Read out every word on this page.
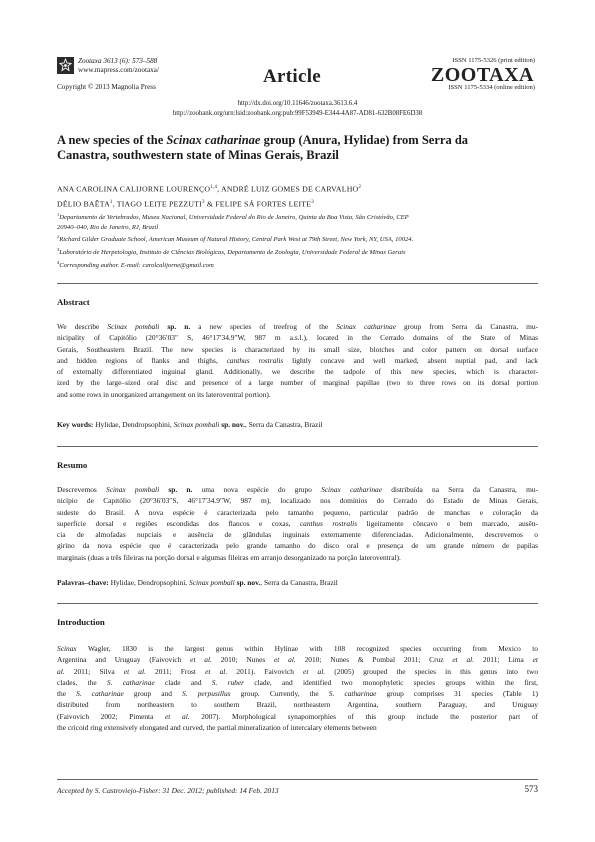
Zootaxa 3613 (6): 573–588
www.mapress.com/zootaxa/
Copyright © 2013 Magnolia Press	Article
ISSN 1175-5326 (print edition)
ZOOTAXA
ISSN 1175-5334 (online edition)
http://dx.doi.org/10.11646/zootaxa.3613.6.4
http://zoobank.org/urn:lsid:zoobank.org:pub:99F53949-E344-4A87-AD81-632B08FE6D38
A new species of the Scinax catharinae group (Anura, Hylidae) from Serra da
Canastra, southwestern state of Minas Gerais, Brazil
ANA CAROLINA CALIJORNE LOURENÇO$^{1,4}$, ANDRÉ LUIZ GOMES DE CARVALHO$^2$
DÉLIO BAÊTA$^1$, TIAGO LEITE PEZZUTI$^3$ & FELIPE SÁ FORTES LEITE$^3$
$^1$Departamento de Vertebrados, Museu Nacional, Universidade Federal do Rio de Janeiro, Quinta da Boa Vista, São Cristóvão, CEP
20940–040, Rio de Janeiro, RJ, Brazil
$^2$Richard Gilder Graduate School, American Museum of Natural History, Central Park West at 79th Street, New York, NY, USA, 10024.
$^3$Laboratório de Herpetologia, Instituto de Ciências Biológicas, Departamento de Zoologia, Universidade Federal de Minas Gerais
$^4$Corresponding author. E-mail: carolcalijorne@gmail.com
Abstract
We describe Scinax pombali sp. n. a new species of treefrog of the Scinax catharinae group from Serra da Canastra, mu-
nicipality of Capitólio (20°36′03″ S, 46°17′34.9″W, 987 m a.s.l.), located in the Cerrado domains of the State of Minas
Gerais, Southeastern Brazil. The new species is characterized by its small size, blotches and color pattern on dorsal surface
and hidden regions of flanks and thighs, canthus rostralis lightly concave and well marked, absent nuptial pad, and lack
of externally differentiated inguinal gland. Additionally, we describe the tadpole of this new species, which is character-
ized by the large–sized oral disc and presence of a large number of marginal papillae (two to three rows on its dorsal portion
and some rows in unorganized arrangement on its lateroventral portion).
Key words: Hylidae, Dendropsophini, Scinax pombali sp. nov., Serra da Canastra, Brazil
Resumo
Descrevemos Scinax pombali sp. n. uma nova espécie do grupo Scinax catharinae distribuída na Serra da Canastra, mu-
nicípio de Capitólio (20°36′03″S, 46°17′34.9″W, 987 m), localizado nos domínios do Cerrado do Estado de Minas Gerais,
sudeste do Brasil. A nova espécie é caracterizada pelo tamanho pequeno, particular padrão de manchas e coloração da
superfície dorsal e regiões escondidas dos flancos e coxas, canthus rostralis ligeiramente côncavo e bem marcado, ausên-
cia de almofadas nupciais e ausência de glândulas inguinais externamente diferenciadas. Adicionalmente, descrevemos o
girino da nova espécie que é caracterizada pelo grande tamanho do disco oral e presença de um grande número de papilas
marginais (duas a três fileiras na porção dorsal e algumas fileiras em arranjo desorganizado na porção lateroventral).
Palavras–chave: Hylidae, Dendropsophini, Scinax pombali sp. nov., Serra da Canastra, Brazil
Introduction
Scinax Wagler, 1830 is the largest genus within Hylinae with 108 recognized species occurring from Mexico to
Argentina and Uruguay (Faivovich et al. 2010; Nunes et al. 2010; Nunes & Pombal 2011; Cruz et al. 2011; Lima et
al. 2011; Silva et al. 2011; Frost et al. 2011). Faivovich et al. (2005) grouped the species in this genus into two
clades, the S. catharinae clade and S. ruber clade, and identified two monophyletic species groups within the first,
the S. catharinae group and S. perpusillus group. Currently, the S. catharinae group comprises 31 species (Table 1)
distributed from northeastern to southern Brazil, northeastern Argentina, southern Paraguay, and Uruguay
(Faivovich 2002; Pimenta et al. 2007). Morphological synapomorphies of this group include the posterior part of
the cricoid ring extensively elongated and curved, the partial mineralization of intercalary elements between
Accepted by S. Castroviejo-Fisher: 31 Dec. 2012; published: 14 Feb. 2013	573
